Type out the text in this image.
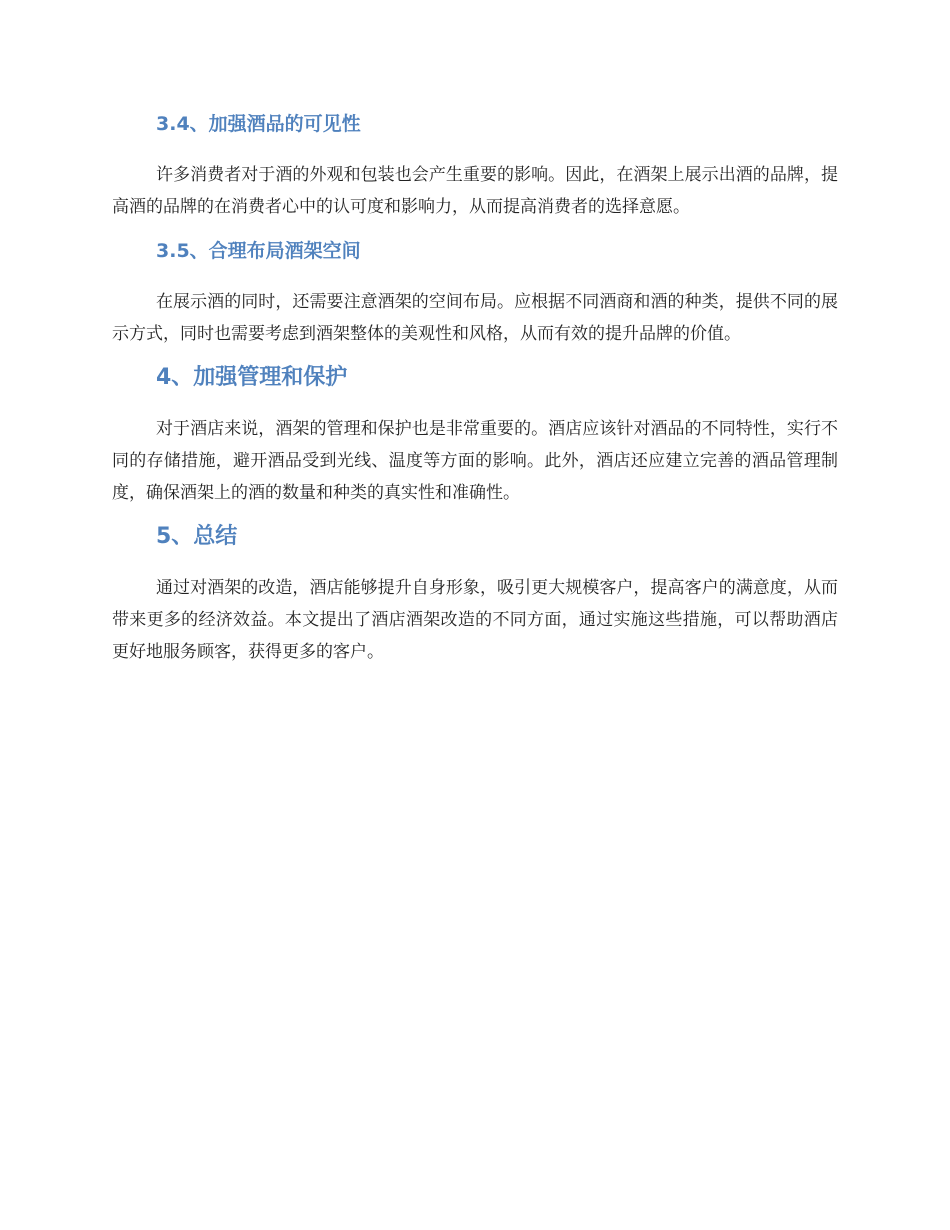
3.4、加强酒品的可见性

许多消费者对于酒的外观和包装也会产生重要的影响。因此，在酒架上展示出酒的品牌，提高酒的品牌的在消费者心中的认可度和影响力，从而提高消费者的选择意愿。

3.5、合理布局酒架空间

在展示酒的同时，还需要注意酒架的空间布局。应根据不同酒商和酒的种类，提供不同的展示方式，同时也需要考虑到酒架整体的美观性和风格，从而有效的提升品牌的价值。

4、加强管理和保护

对于酒店来说，酒架的管理和保护也是非常重要的。酒店应该针对酒品的不同特性，实行不同的存储措施，避开酒品受到光线、温度等方面的影响。此外，酒店还应建立完善的酒品管理制度，确保酒架上的酒的数量和种类的真实性和准确性。

5、总结

通过对酒架的改造，酒店能够提升自身形象，吸引更大规模客户，提高客户的满意度，从而带来更多的经济效益。本文提出了酒店酒架改造的不同方面，通过实施这些措施，可以帮助酒店更好地服务顾客，获得更多的客户。
